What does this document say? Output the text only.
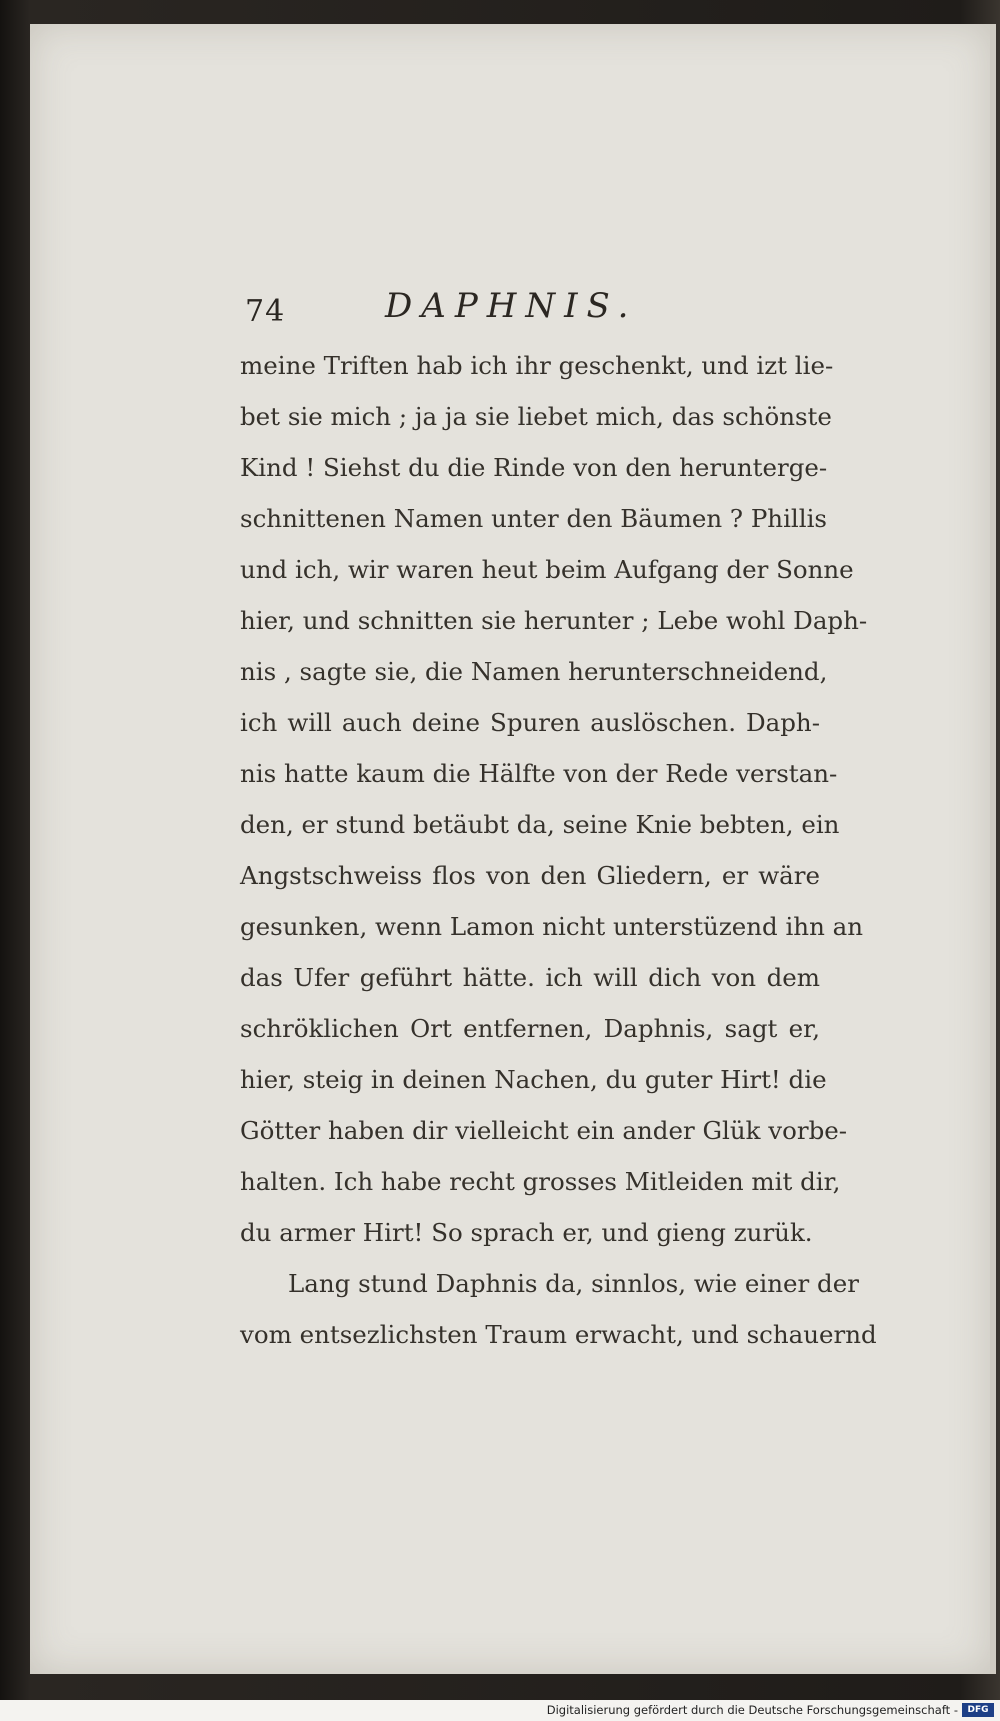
74	DAPHNIS.
meine Triften hab ich ihr geschenkt, und izt lie-
bet sie mich ; ja ja sie liebet mich, das schönste
Kind ! Siehst du die Rinde von den herunterge-
schnittenen Namen unter den Bäumen ? Phillis
und ich, wir waren heut beim Aufgang der Sonne
hier, und schnitten sie herunter ; Lebe wohl Daph-
nis , sagte sie, die Namen herunterschneidend,
ich will auch deine Spuren auslöschen. Daph-
nis hatte kaum die Hälfte von der Rede verstan-
den, er stund betäubt da, seine Knie bebten, ein
Angstschweiss flos von den Gliedern, er wäre
gesunken, wenn Lamon nicht unterstüzend ihn an
das Ufer geführt hätte. ich will dich von dem
schröklichen Ort entfernen, Daphnis, sagt er,
hier, steig in deinen Nachen, du guter Hirt! die
Götter haben dir vielleicht ein ander Glük vorbe-
halten. Ich habe recht grosses Mitleiden mit dir,
du armer Hirt! So sprach er, und gieng zurük.
Lang stund Daphnis da, sinnlos, wie einer der
vom entsezlichsten Traum erwacht, und schauernd
Digitalisierung gefördert durch die Deutsche Forschungsgemeinschaft -	DFG
